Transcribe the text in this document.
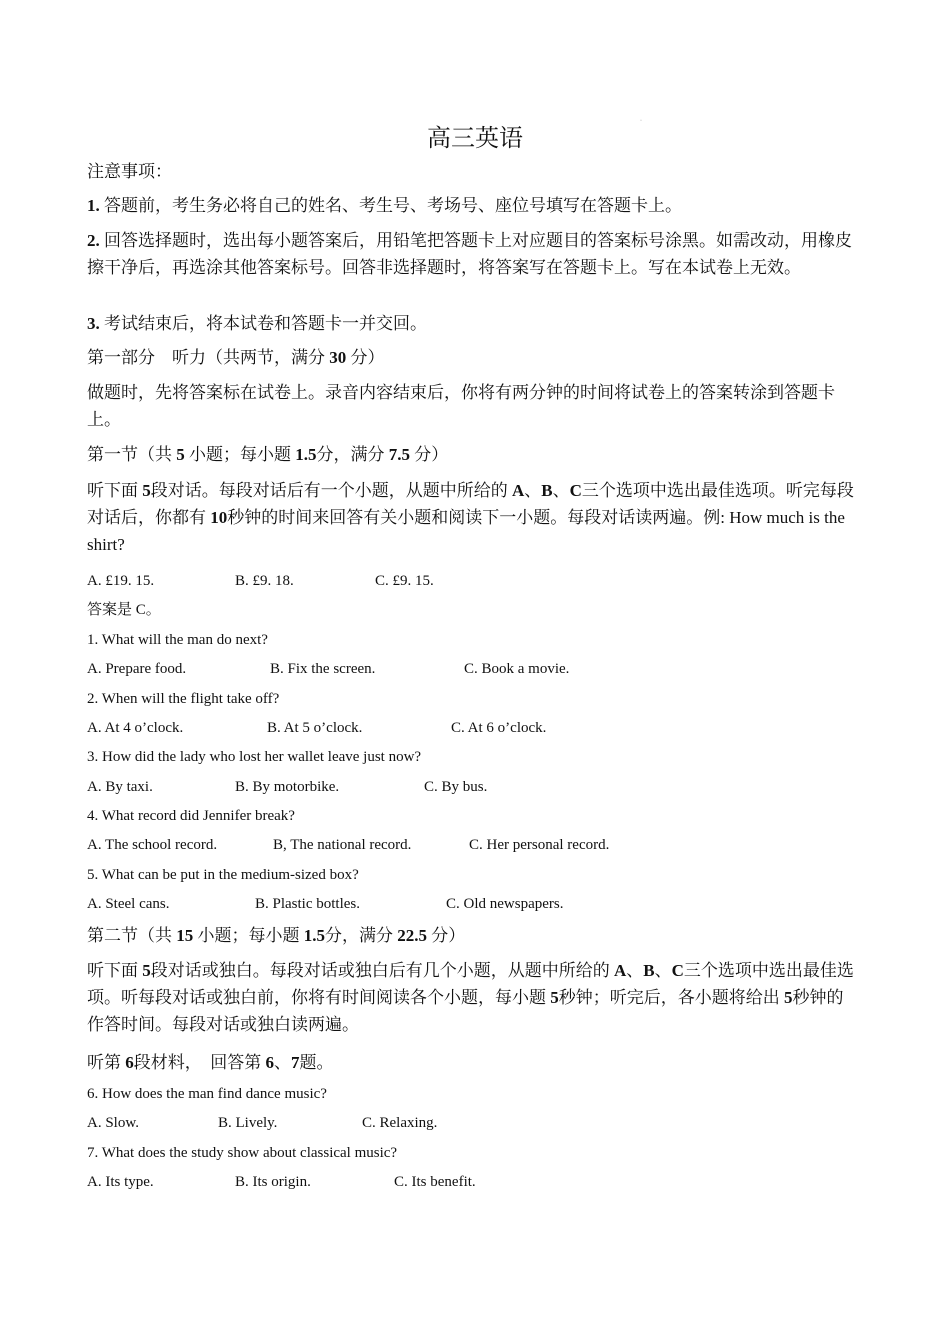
高三英语
·
注意事项：
1. 答题前，考生务必将自己的姓名、考生号、考场号、座位号填写在答题卡上。
2. 回答选择题时，选出每小题答案后，用铅笔把答题卡上对应题目的答案标号涂黑。如需改动，用橡皮擦干净后，再选涂其他答案标号。回答非选择题时，将答案写在答题卡上。写在本试卷上无效。
3. 考试结束后，将本试卷和答题卡一并交回。
第一部分　听力（共两节，满分 30 分）
做题时，先将答案标在试卷上。录音内容结束后，你将有两分钟的时间将试卷上的答案转涂到答题卡上。
第一节（共 5 小题；每小题 1.5分，满分 7.5 分）
听下面 5段对话。每段对话后有一个小题，从题中所给的 A、B、C三个选项中选出最佳选项。听完每段对话后，你都有 10秒钟的时间来回答有关小题和阅读下一小题。每段对话读两遍。例: How much is the shirt?
A. £19. 15.	B. £9. 18.	C. £9. 15.
答案是 C。
1. What will the man do next?
A. Prepare food.	B. Fix the screen.	C. Book a movie.
2. When will the flight take off?
A. At 4 o’clock.	B. At 5 o’clock.	C. At 6 o’clock.
3. How did the lady who lost her wallet leave just now?
A. By taxi.	B. By motorbike.	C. By bus.
4. What record did Jennifer break?
A. The school record.	B, The national record.	C. Her personal record.
5. What can be put in the medium-sized box?
A. Steel cans.	B. Plastic bottles.	C. Old newspapers.
第二节（共 15 小题；每小题 1.5分，满分 22.5 分）
听下面 5段对话或独白。每段对话或独白后有几个小题，从题中所给的 A、B、C三个选项中选出最佳选项。听每段对话或独白前，你将有时间阅读各个小题，每小题 5秒钟；听完后，各小题将给出 5秒钟的作答时间。每段对话或独白读两遍。
听第 6段材料，　回答第 6、7题。
6. How does the man find dance music?
A. Slow.	B. Lively.	C. Relaxing.
7. What does the study show about classical music?
A. Its type.	B. Its origin.	C. Its benefit.
